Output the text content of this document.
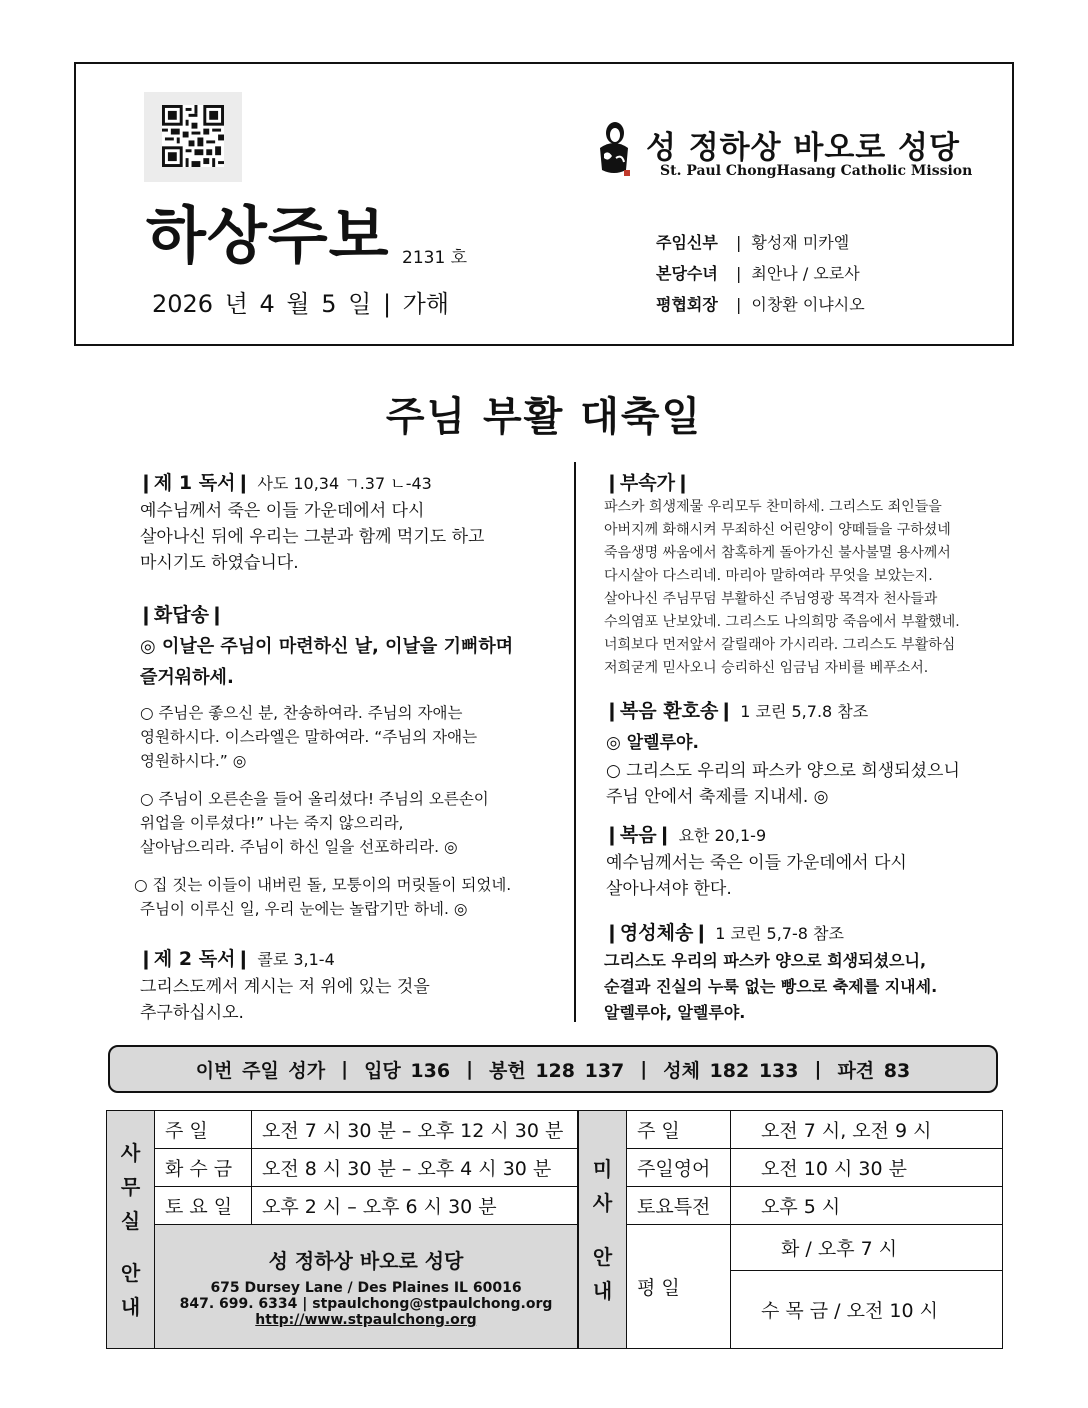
하상주보 2131 호
2026 년 4 월 5 일 | 가해
성 정하상 바오로 성당
St. Paul ChongHasang Catholic Mission
주임신부 | 황성재 미카엘
본당수녀 | 최안나 / 오로사
평협회장 | 이창환 이냐시오
주님 부활 대축일
❙제 1 독서❙ 사도 10,34 ㄱ.37 ㄴ-43
예수님께서 죽은 이들 가운데에서 다시
살아나신 뒤에 우리는 그분과 함께 먹기도 하고
마시기도 하였습니다.
❙화답송❙
◎ 이날은 주님이 마련하신 날, 이날을 기뻐하며
즐거워하세.
○ 주님은 좋으신 분, 찬송하여라. 주님의 자애는
영원하시다. 이스라엘은 말하여라. “주님의 자애는
영원하시다.” ◎
○ 주님이 오른손을 들어 올리셨다! 주님의 오른손이
위업을 이루셨다!” 나는 죽지 않으리라,
살아남으리라. 주님이 하신 일을 선포하리라. ◎
○ 집 짓는 이들이 내버린 돌, 모퉁이의 머릿돌이 되었네.
주님이 이루신 일, 우리 눈에는 놀랍기만 하네. ◎
❙제 2 독서❙ 콜로 3,1-4
그리스도께서 계시는 저 위에 있는 것을
추구하십시오.
❙부속가❙
파스카 희생제물 우리모두 찬미하세. 그리스도 죄인들을
아버지께 화해시켜 무죄하신 어린양이 양떼들을 구하셨네
죽음생명 싸움에서 참혹하게 돌아가신 불사불멸 용사께서
다시살아 다스리네. 마리아 말하여라 무엇을 보았는지.
살아나신 주님무덤 부활하신 주님영광 목격자 천사들과
수의염포 난보았네. 그리스도 나의희망 죽음에서 부활했네.
너희보다 먼저앞서 갈릴래아 가시리라. 그리스도 부활하심
저희굳게 믿사오니 승리하신 임금님 자비를 베푸소서.
❙복음 환호송❙ 1 코린 5,7.8 참조
◎ 알렐루야.
○ 그리스도 우리의 파스카 양으로 희생되셨으니
주님 안에서 축제를 지내세. ◎
❙복음❙ 요한 20,1-9
예수님께서는 죽은 이들 가운데에서 다시
살아나셔야 한다.
❙영성체송❙ 1 코린 5,7-8 참조
그리스도 우리의 파스카 양으로 희생되셨으니,
순결과 진실의 누룩 없는 빵으로 축제를 지내세.
알렐루야, 알렐루야.
이번 주일 성가 | 입당 136 | 봉헌 128 137 | 성체 182 133 | 파견 83
사
무
실
안
내	주 일	오전 7 시 30 분 – 오후 12 시 30 분
	화 수 금	오전 8 시 30 분 – 오후 4 시 30 분
	토 요 일	오후 2 시 – 오후 6 시 30 분

	성 정하상 바오로 성당
675 Dursey Lane / Des Plaines IL 60016
847. 699. 6334 | stpaulchong@stpaulchong.org
http://www.stpaulchong.org	
미
사
안
내	주 일	오전 7 시, 오전 9 시
	주일영어	오전 10 시 30 분
	토요특전	오후 5 시
	평 일	화 / 오후 7 시
		수 목 금 / 오전 10 시
